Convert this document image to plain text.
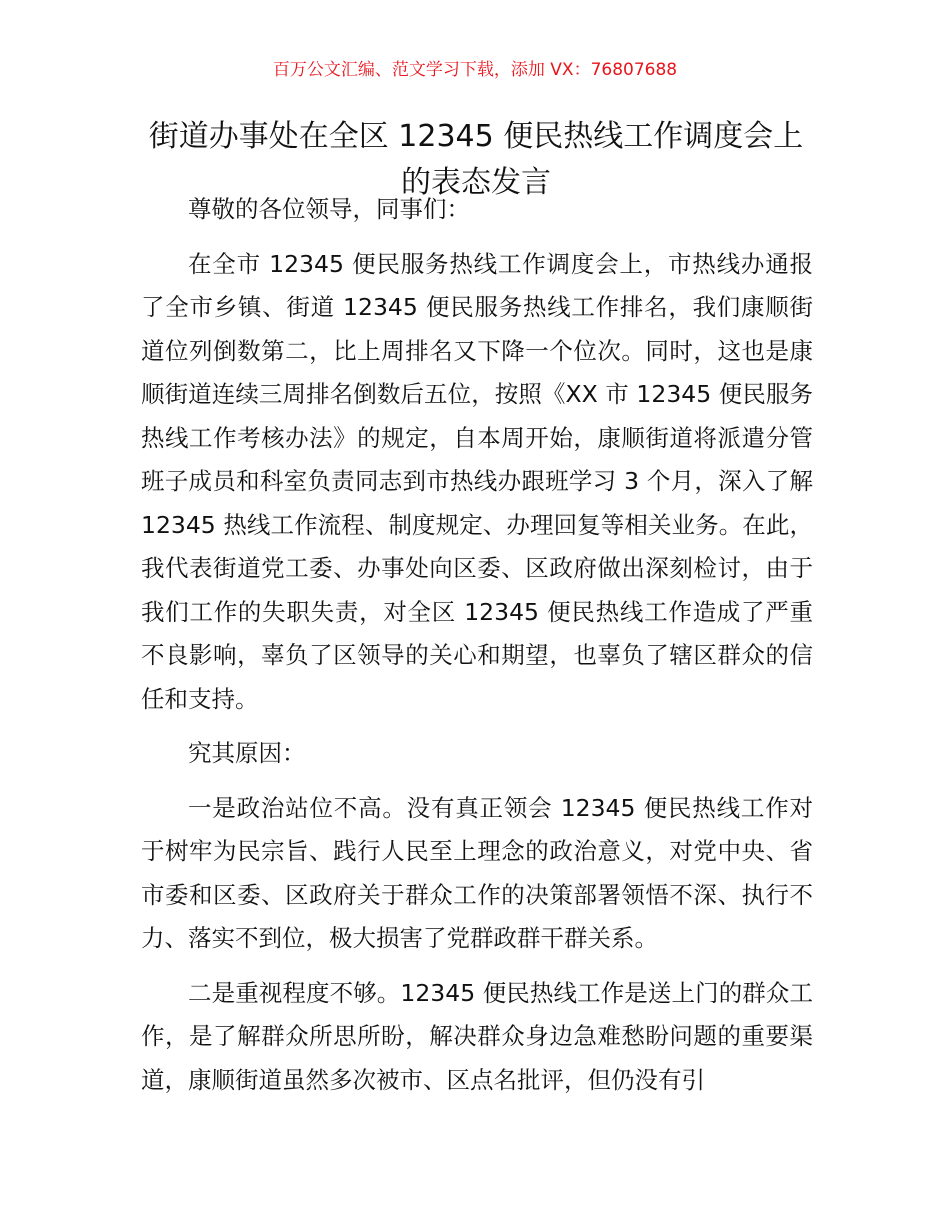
百万公文汇编、范文学习下载，添加 VX：76807688
街道办事处在全区 12345 便民热线工作调度会上的表态发言

尊敬的各位领导，同事们：

在全市 12345 便民服务热线工作调度会上，市热线办通报了全市乡镇、街道 12345 便民服务热线工作排名，我们康顺街道位列倒数第二，比上周排名又下降一个位次。同时，这也是康顺街道连续三周排名倒数后五位，按照《XX 市 12345 便民服务热线工作考核办法》的规定，自本周开始，康顺街道将派遣分管班子成员和科室负责同志到市热线办跟班学习 3 个月，深入了解 12345 热线工作流程、制度规定、办理回复等相关业务。在此，我代表街道党工委、办事处向区委、区政府做出深刻检讨，由于我们工作的失职失责，对全区 12345 便民热线工作造成了严重不良影响，辜负了区领导的关心和期望，也辜负了辖区群众的信任和支持。

究其原因：

一是政治站位不高。没有真正领会 12345 便民热线工作对于树牢为民宗旨、践行人民至上理念的政治意义，对党中央、省市委和区委、区政府关于群众工作的决策部署领悟不深、执行不力、落实不到位，极大损害了党群政群干群关系。

二是重视程度不够。12345 便民热线工作是送上门的群众工作，是了解群众所思所盼，解决群众身边急难愁盼问题的重要渠道，康顺街道虽然多次被市、区点名批评，但仍没有引
